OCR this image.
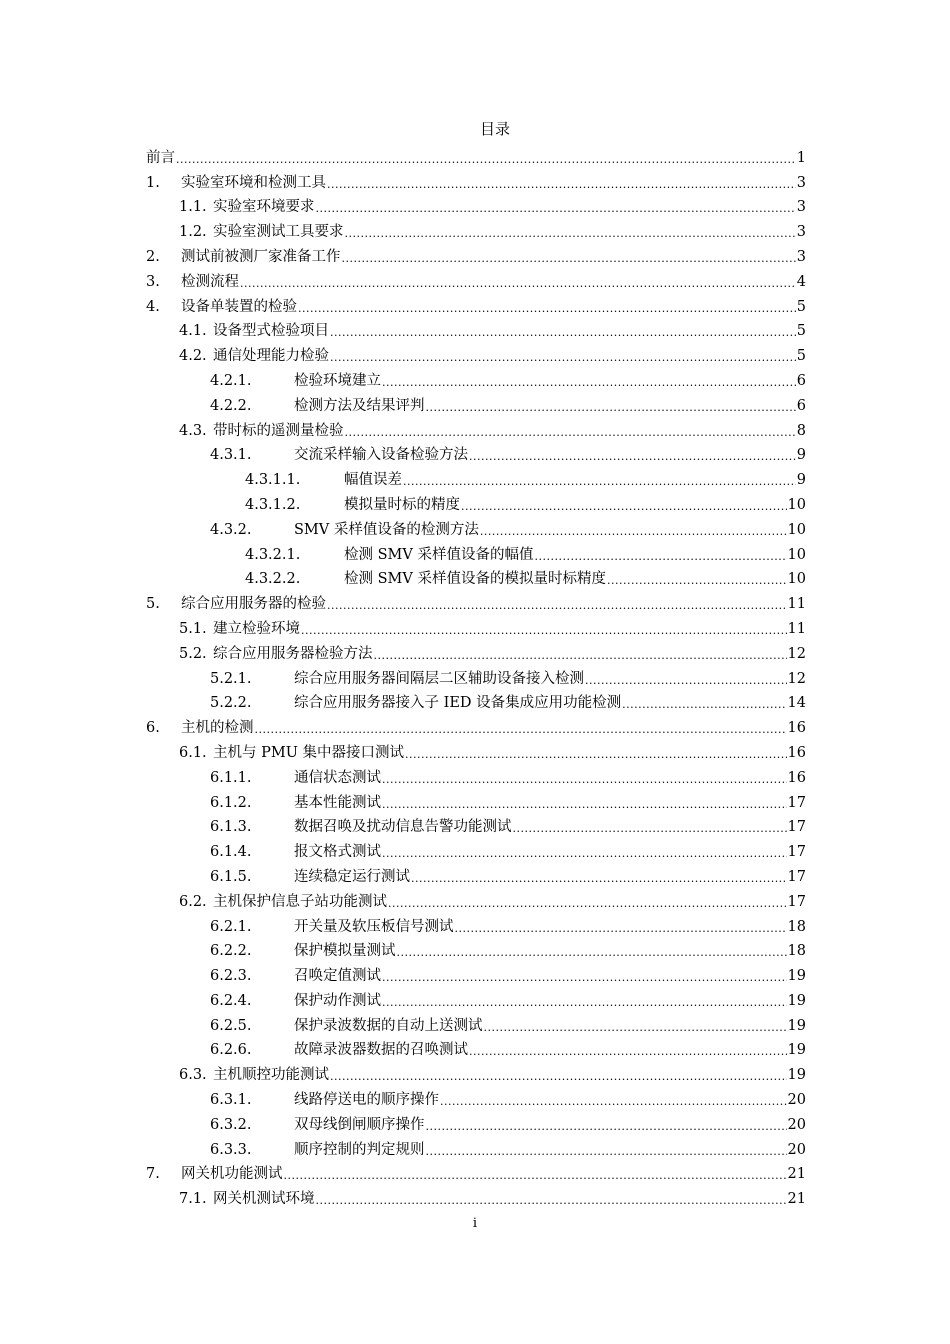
目录
前言 .....	1
1.	实验室环境和检测工具 .....	3
1.1. 实验室环境要求 .....	3
1.2. 实验室测试工具要求 .....	3
2.	测试前被测厂家准备工作 .....	3
3.	检测流程 .....	4
4.	设备单装置的检验 .....	5
4.1. 设备型式检验项目 .....	5
4.2. 通信处理能力检验 .....	5
4.2.1.	检验环境建立 .....	6
4.2.2.	检测方法及结果评判 .....	6
4.3. 带时标的遥测量检验 .....	8
4.3.1.	交流采样输入设备检验方法 .....	9
4.3.1.1.	幅值误差 .....	9
4.3.1.2.	模拟量时标的精度 .....	10
4.3.2.	SMV 采样值设备的检测方法 .....	10
4.3.2.1.	检测 SMV 采样值设备的幅值 .....	10
4.3.2.2.	检测 SMV 采样值设备的模拟量时标精度 .....	10
5.	综合应用服务器的检验 .....	11
5.1. 建立检验环境 .....	11
5.2. 综合应用服务器检验方法 .....	12
5.2.1.	综合应用服务器间隔层二区辅助设备接入检测 .....	12
5.2.2.	综合应用服务器接入子 IED 设备集成应用功能检测 .....	14
6.	主机的检测 .....	16
6.1. 主机与 PMU 集中器接口测试 .....	16
6.1.1.	通信状态测试 .....	16
6.1.2.	基本性能测试 .....	17
6.1.3.	数据召唤及扰动信息告警功能测试 .....	17
6.1.4.	报文格式测试 .....	17
6.1.5.	连续稳定运行测试 .....	17
6.2. 主机保护信息子站功能测试 .....	17
6.2.1.	开关量及软压板信号测试 .....	18
6.2.2.	保护模拟量测试 .....	18
6.2.3.	召唤定值测试 .....	19
6.2.4.	保护动作测试 .....	19
6.2.5.	保护录波数据的自动上送测试 .....	19
6.2.6.	故障录波器数据的召唤测试 .....	19
6.3. 主机顺控功能测试 .....	19
6.3.1.	线路停送电的顺序操作 .....	20
6.3.2.	双母线倒闸顺序操作 .....	20
6.3.3.	顺序控制的判定规则 .....	20
7.	网关机功能测试 .....	21
7.1. 网关机测试环境 .....	21
i
